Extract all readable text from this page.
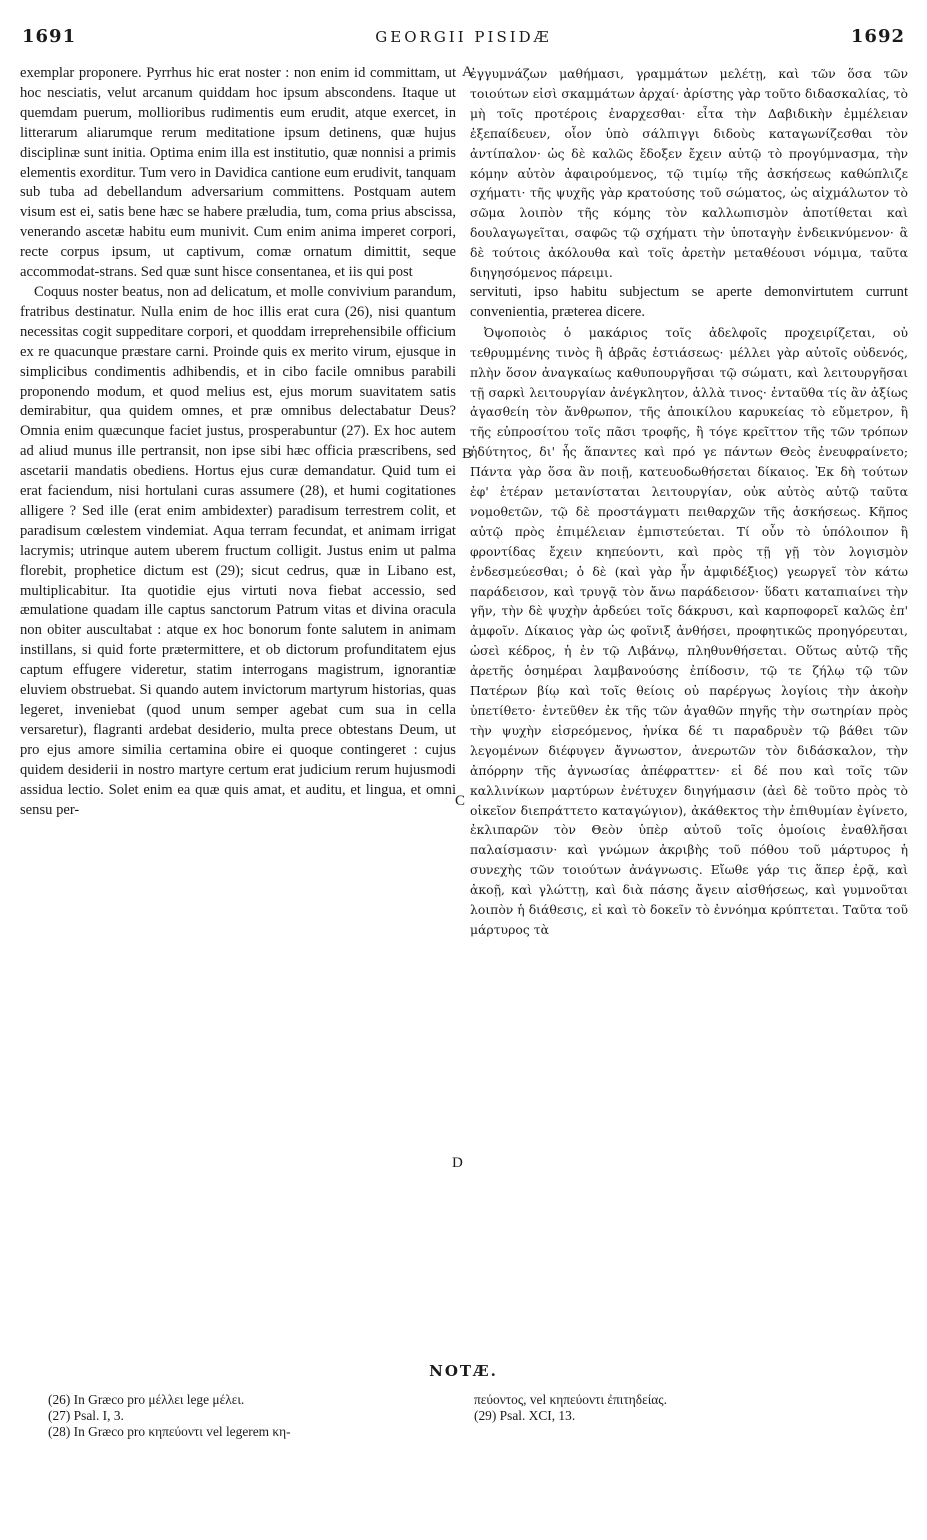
1691	GEORGII PISIDÆ	1692

exemplar proponere. Pyrrhus hic erat noster : non enim id committam, ut hoc nesciatis, velut arcanum quiddam hoc ipsum abscondens. Itaque ut quemdam puerum, mollioribus rudimentis eum erudit, atque exercet, in litterarum aliarumque rerum meditatione ipsum detinens, quæ hujus disciplinæ sunt initia. Optima enim illa est institutio, quæ nonnisi a primis elementis exorditur. Tum vero in Davidica cantione eum erudivit, tanquam sub tuba ad debellandum adversarium committens. Postquam autem visum est ei, satis bene hæc se habere præludia, tum, coma prius abscissa, venerando ascetæ habitu eum munivit. Cum enim anima imperet corpori, recte corpus ipsum, ut captivum, comæ ornatum dimittit, seque accommodat-strans. Sed quæ sunt hisce consentanea, et iis qui post

Coquus noster beatus, non ad delicatum, et molle convivium parandum, fratribus destinatur. Nulla enim de hoc illis erat cura (26), nisi quantum necessitas cogit suppeditare corpori, et quoddam irreprehensibile officium ex re quacunque præstare carni. Proinde quis ex merito virum, ejusque in simplicibus condimentis adhibendis, et in cibo facile omnibus parabili proponendo modum, et quod melius est, ejus morum suavitatem satis demirabitur, qua quidem omnes, et præ omnibus delectabatur Deus? Omnia enim quæcunque faciet justus, prosperabuntur (27). Ex hoc autem ad aliud munus ille pertransit, non ipse sibi hæc officia præscribens, sed ascetarii mandatis obediens. Hortus ejus curæ demandatur. Quid tum ei erat faciendum, nisi hortulani curas assumere (28), et humi cogitationes alligere ? Sed ille (erat enim ambidexter) paradisum terrestrem colit, et paradisum cœlestem vindemiat. Aqua terram fecundat, et animam irrigat lacrymis; utrinque autem uberem fructum colligit. Justus enim ut palma florebit, prophetice dictum est (29); sicut cedrus, quæ in Libano est, multiplicabitur. Ita quotidie ejus virtuti nova fiebat accessio, sed æmulatione quadam ille captus sanctorum Patrum vitas et divina oracula non obiter auscultabat : atque ex hoc bonorum fonte salutem in animam instillans, si quid forte prætermittere, et ob dictorum profunditatem ejus captum effugere videretur, statim interrogans magistrum, ignorantiæ eluviem obstruebat. Si quando autem invictorum martyrum historias, quas legeret, inveniebat (quod unum semper agebat cum sua in cella versaretur), flagranti ardebat desiderio, multa prece obtestans Deum, ut pro ejus amore similia certamina obire ei quoque contingeret : cujus quidem desiderii in nostro martyre certum erat judicium rerum hujusmodi assidua lectio. Solet enim ea quæ quis amat, et auditu, et lingua, et omni sensu per-

A
B
C
D

ἐγγυμνάζων μαθήμασι, γραμμάτων μελέτῃ, καὶ τῶν ὅσα τῶν τοιούτων εἰσὶ σκαμμάτων ἀρχαί· ἀρίστης γὰρ τοῦτο διδασκαλίας, τὸ μὴ τοῖς προτέροις ἐναρχεσθαι· εἶτα τὴν Δαβιδικὴν ἐμμέλειαν ἐξεπαίδευεν, οἷον ὑπὸ σάλπιγγι διδοὺς καταγωνίζεσθαι τὸν ἀντίπαλον· ὡς δὲ καλῶς ἔδοξεν ἔχειν αὐτῷ τὸ προγύμνασμα, τὴν κόμην αὐτὸν ἀφαιρούμενος, τῷ τιμίῳ τῆς ἀσκήσεως καθώπλιζε σχήματι· τῆς ψυχῆς γὰρ κρατούσης τοῦ σώματος, ὡς αἰχμάλωτον τὸ σῶμα λοιπὸν τῆς κόμης τὸν καλλωπισμὸν ἀποτίθεται καὶ δουλαγωγεῖται, σαφῶς τῷ σχήματι τὴν ὑποταγὴν ἐνδεικνύμενον· ἃ δὲ τούτοις ἀκόλουθα καὶ τοῖς ἀρετὴν μεταθέουσι νόμιμα, ταῦτα διηγησόμενος πάρειμι.

servituti, ipso habitu subjectum se aperte demonvirtutem currunt convenientia, præterea dicere.

Ὀψοποιὸς ὁ μακάριος τοῖς ἀδελφοῖς προχειρίζεται, οὐ τεθρυμμένης τινὸς ἢ ἁβρᾶς ἑστιάσεως· μέλλει γὰρ αὐτοῖς οὐδενός, πλὴν ὅσον ἀναγκαίως καθυπουργῆσαι τῷ σώματι, καὶ λειτουργῆσαι τῇ σαρκὶ λειτουργίαν ἀνέγκλητον, ἀλλὰ τινος· ἐνταῦθα τίς ἂν ἀξίως ἀγασθείη τὸν ἄνθρωπον, τῆς ἀποικίλου καρυκείας τὸ εὔμετρον, ἢ τῆς εὐπροσίτου τοῖς πᾶσι τροφῆς, ἢ τόγε κρεῖττον τῆς τῶν τρόπων ἡδύτητος, δι' ἧς ἅπαντες καὶ πρό γε πάντων Θεὸς ἐνευφραίνετο; Πάντα γὰρ ὅσα ἂν ποιῇ, κατευοδωθήσεται δίκαιος. Ἐκ δὴ τούτων ἐφ' ἑτέραν μετανίσταται λειτουργίαν, οὐκ αὐτὸς αὐτῷ ταῦτα νομοθετῶν, τῷ δὲ προστάγματι πειθαρχῶν τῆς ἀσκήσεως. Κῆπος αὐτῷ πρὸς ἐπιμέλειαν ἐμπιστεύεται. Τί οὖν τὸ ὑπόλοιπον ἢ φροντίδας ἔχειν κηπεύοντι, καὶ πρὸς τῇ γῇ τὸν λογισμὸν ἐνδεσμεύεσθαι; ὁ δὲ (καὶ γὰρ ἦν ἀμφιδέξιος) γεωργεῖ τὸν κάτω παράδεισον, καὶ τρυγᾷ τὸν ἄνω παράδεισον· ὕδατι καταπιαίνει τὴν γῆν, τὴν δὲ ψυχὴν ἀρδεύει τοῖς δάκρυσι, καὶ καρποφορεῖ καλῶς ἐπ' ἀμφοῖν. Δίκαιος γὰρ ὡς φοῖνιξ ἀνθήσει, προφητικῶς προηγόρευται, ὡσεὶ κέδρος, ἡ ἐν τῷ Λιβάνῳ, πληθυνθήσεται. Οὕτως αὐτῷ τῆς ἀρετῆς ὁσημέραι λαμβανούσης ἐπίδοσιν, τῷ τε ζήλῳ τῷ τῶν Πατέρων βίῳ καὶ τοῖς θείοις οὐ παρέργως λογίοις τὴν ἀκοὴν ὑπετίθετο· ἐντεῦθεν ἐκ τῆς τῶν ἀγαθῶν πηγῆς τὴν σωτηρίαν πρὸς τὴν ψυχὴν εἰσρεόμενος, ἡνίκα δέ τι παραδρυὲν τῷ βάθει τῶν λεγομένων διέφυγεν ἄγνωστον, ἀνερωτῶν τὸν διδάσκαλον, τὴν ἀπόρρην τῆς ἀγνωσίας ἀπέφραττεν· εἰ δέ που καὶ τοῖς τῶν καλλινίκων μαρτύρων ἐνέτυχεν διηγήμασιν (ἀεὶ δὲ τοῦτο πρὸς τὸ οἰκεῖον διεπράττετο καταγώγιον), ἀκάθεκτος τὴν ἐπιθυμίαν ἐγίνετο, ἐκλιπαρῶν τὸν Θεὸν ὑπὲρ αὐτοῦ τοῖς ὁμοίοις ἐναθλῆσαι παλαίσμασιν· καὶ γνώμων ἀκριβὴς τοῦ πόθου τοῦ μάρτυρος ἡ συνεχὴς τῶν τοιούτων ἀνάγνωσις. Εἴωθε γάρ τις ἅπερ ἐρᾷ, καὶ ἀκοῇ, καὶ γλώττῃ, καὶ διὰ πάσης ἄγειν αἰσθήσεως, καὶ γυμνοῦται λοιπὸν ἡ διάθεσις, εἰ καὶ τὸ δοκεῖν τὸ ἐννόημα κρύπτεται. Ταῦτα τοῦ μάρτυρος τὰ

NOTÆ.
(26) In Græco pro μέλλει lege μέλει.
(27) Psal. I, 3.
(28) In Græco pro κηπεύοντι vel legerem κη-
πεύοντος, vel κηπεύοντι ἐπιτηδείας.
(29) Psal. XCI, 13.
